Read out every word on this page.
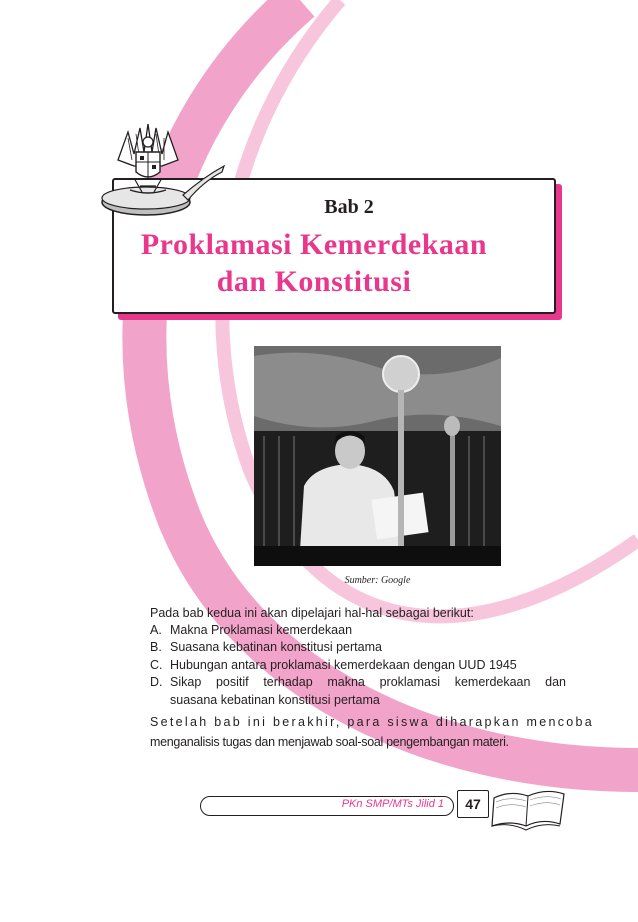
Bab 2
Proklamasi Kemerdekaan
dan Konstitusi
Sumber: Google
Pada bab kedua ini akan dipelajari hal-hal sebagai berikut:
A. Makna Proklamasi kemerdekaan
B. Suasana kebatinan konstitusi pertama
C. Hubungan antara proklamasi kemerdekaan dengan UUD 1945
D. Sikap positif terhadap makna proklamasi kemerdekaan dan
suasana kebatinan konstitusi pertama
Setelah bab ini berakhir, para siswa diharapkan mencoba
menganalisis tugas dan menjawab soal-soal pengembangan materi.
PKn SMP/MTs Jilid 1	47
